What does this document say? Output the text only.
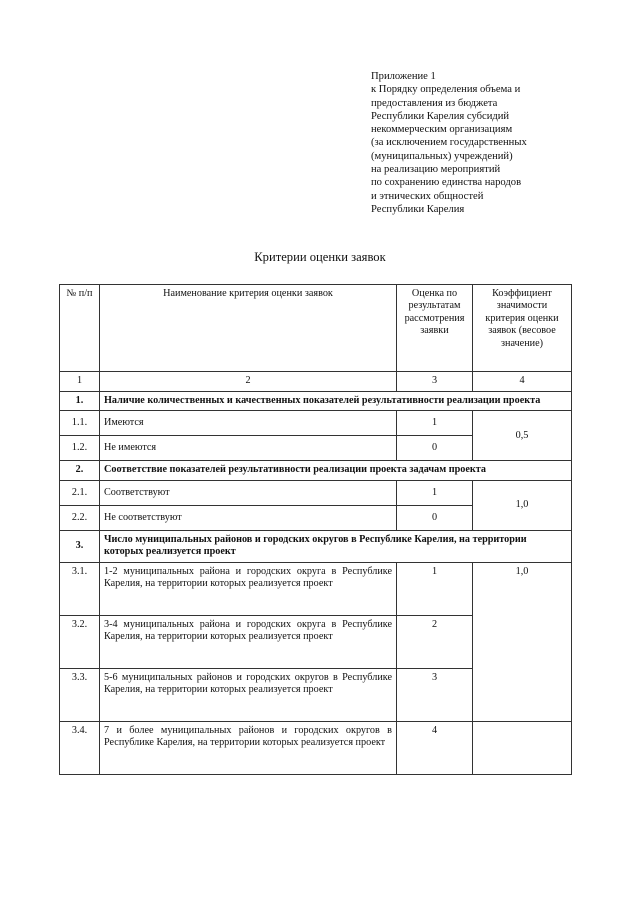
Приложение 1
к Порядку определения объема и
предоставления из бюджета
Республики Карелия субсидий
некоммерческим организациям
(за исключением государственных
(муниципальных) учреждений)
на реализацию мероприятий
по сохранению единства народов
и этнических общностей
Республики Карелия
Критерии оценки заявок
№ п/п	Наименование критерия оценки заявок	Оценка по результатам рассмотрения заявки	Коэффициент значимости критерия оценки заявок (весовое значение)
1	2	3	4
1.	Наличие количественных и качественных показателей результативности реализации проекта		
1.1.	Имеются	1	0,5
1.2.	Не имеются	0	
2.	Соответствие показателей результативности реализации проекта задачам проекта		
2.1.	Соответствуют	1	1,0
2.2.	Не соответствуют	0	
3.	Число муниципальных районов и городских округов в Республике Карелия, на территории которых реализуется проект		
3.1.	1-2 муниципальных района и городских округа в Республике Карелия, на территории которых реализуется проект	1	1,0
3.2.	3-4 муниципальных района и городских округа в Республике Карелия, на территории которых реализуется проект	2	
3.3.	5-6 муниципальных районов и городских округов в Республике Карелия, на территории которых реализуется проект	3	
3.4.	7 и более муниципальных районов и городских округов в Республике Карелия, на территории которых реализуется проект	4	
